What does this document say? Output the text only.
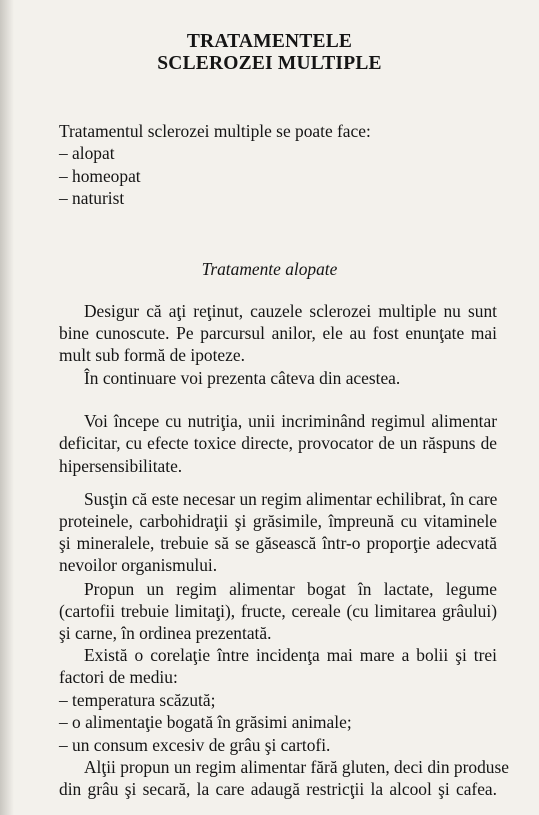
TRATAMENTELE
SCLEROZEI MULTIPLE

Tratamentul sclerozei multiple se poate face:

– alopat

– homeopat

– naturist

Tratamente alopate

Desigur că aţi reţinut, cauzele sclerozei multiple nu sunt

bine cunoscute. Pe parcursul anilor, ele au fost enunţate mai

mult sub formă de ipoteze.

În continuare voi prezenta câteva din acestea.

Voi începe cu nutriţia, unii incriminând regimul alimentar

deficitar, cu efecte toxice directe, provocator de un răspuns de

hipersensibilitate.

Susţin că este necesar un regim alimentar echilibrat, în care

proteinele, carbohidraţii şi grăsimile, împreună cu vitaminele

şi mineralele, trebuie să se găsească într-o proporţie adecvată

nevoilor organismului.

Propun un regim alimentar bogat în lactate, legume

(cartofii trebuie limitaţi), fructe, cereale (cu limitarea grâului)

şi carne, în ordinea prezentată.

Există o corelaţie între incidenţa mai mare a bolii şi trei

factori de mediu:

– temperatura scăzută;

– o alimentaţie bogată în grăsimi animale;

– un consum excesiv de grâu şi cartofi.

Alţii propun un regim alimentar fără gluten, deci din produse

din grâu şi secară, la care adaugă restricţii la alcool şi cafea.
